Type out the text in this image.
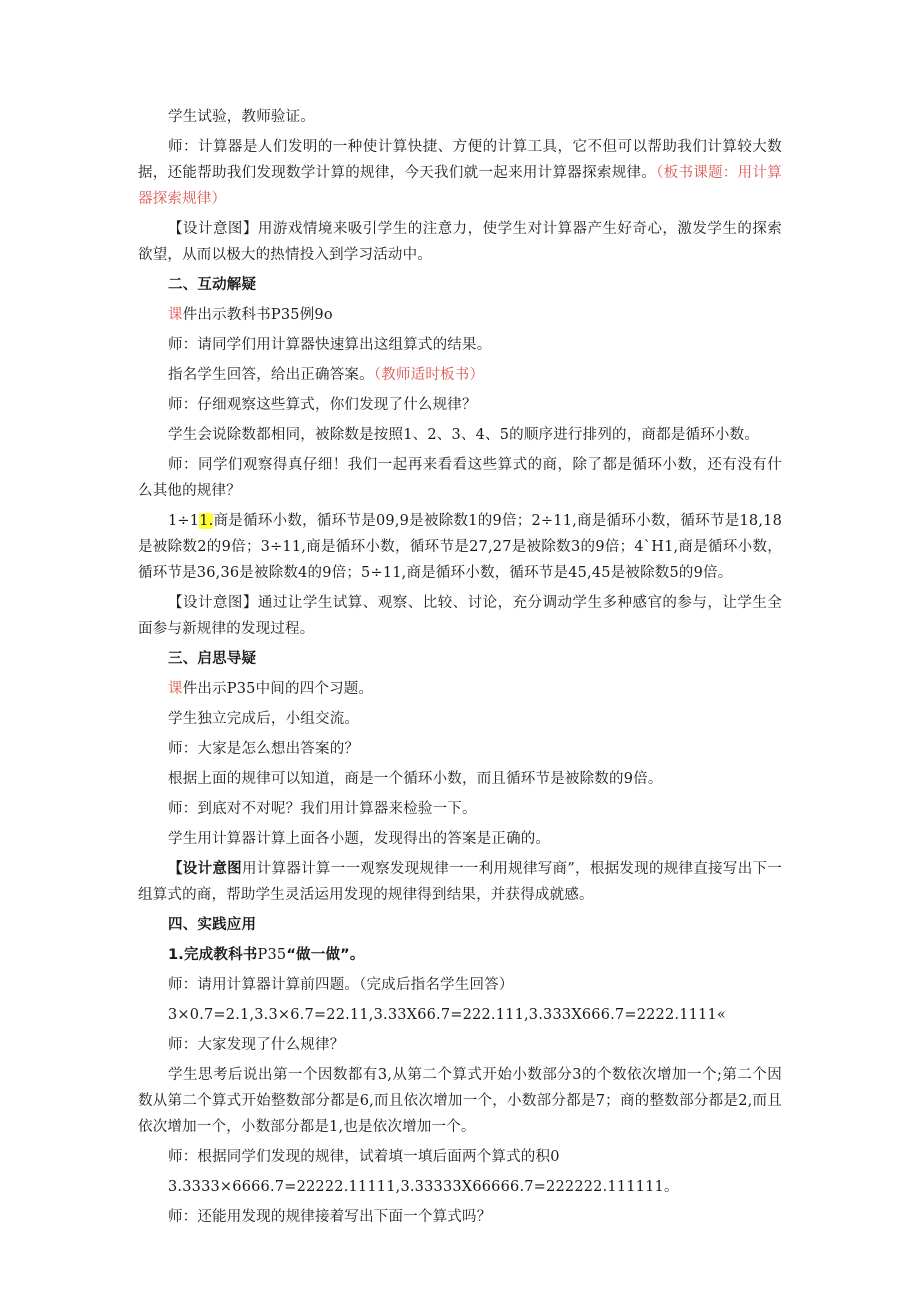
学生试验，教师验证。

师：计算器是人们发明的一种使计算快捷、方便的计算工具，它不但可以帮助我们计算较大数据，还能帮助我们发现数学计算的规律，今天我们就一起来用计算器探索规律。（板书课题：用计算器探索规律）

【设计意图】用游戏情境来吸引学生的注意力，使学生对计算器产生好奇心，激发学生的探索欲望，从而以极大的热情投入到学习活动中。

二、互动解疑

课件出示教科书P35例9o

师：请同学们用计算器快速算出这组算式的结果。

指名学生回答，给出正确答案。（教师适时板书）

师：仔细观察这些算式，你们发现了什么规律？

学生会说除数都相同，被除数是按照1、2、3、4、5的顺序进行排列的，商都是循环小数。

师：同学们观察得真仔细！我们一起再来看看这些算式的商，除了都是循环小数，还有没有什么其他的规律？

1÷11.商是循环小数，循环节是09,9是被除数1的9倍；2÷11,商是循环小数，循环节是18,18是被除数2的9倍；3÷11,商是循环小数，循环节是27,27是被除数3的9倍；4`H1,商是循环小数，循环节是36,36是被除数4的9倍；5÷11,商是循环小数，循环节是45,45是被除数5的9倍。

【设计意图】通过让学生试算、观察、比较、讨论，充分调动学生多种感官的参与，让学生全面参与新规律的发现过程。

三、启思导疑

课件出示P35中间的四个习题。

学生独立完成后，小组交流。

师：大家是怎么想出答案的？

根据上面的规律可以知道，商是一个循环小数，而且循环节是被除数的9倍。

师：到底对不对呢？我们用计算器来检验一下。

学生用计算器计算上面各小题，发现得出的答案是正确的。

【设计意图用计算器计算一一观察发现规律一一利用规律写商”，根据发现的规律直接写出下一组算式的商，帮助学生灵活运用发现的规律得到结果，并获得成就感。

四、实践应用

1.完成教科书P35“做一做”。

师：请用计算器计算前四题。（完成后指名学生回答）

3×0.7=2.1,3.3×6.7=22.11,3.33X66.7=222.111,3.333X666.7=2222.1111«

师：大家发现了什么规律？

学生思考后说出第一个因数都有3,从第二个算式开始小数部分3的个数依次增加一个;第二个因数从第二个算式开始整数部分都是6,而且依次增加一个，小数部分都是7；商的整数部分都是2,而且依次增加一个，小数部分都是1,也是依次增加一个。

师：根据同学们发现的规律，试着填一填后面两个算式的积0

3.3333×6666.7=22222.11111,3.33333X66666.7=222222.111111。

师：还能用发现的规律接着写出下面一个算式吗？
